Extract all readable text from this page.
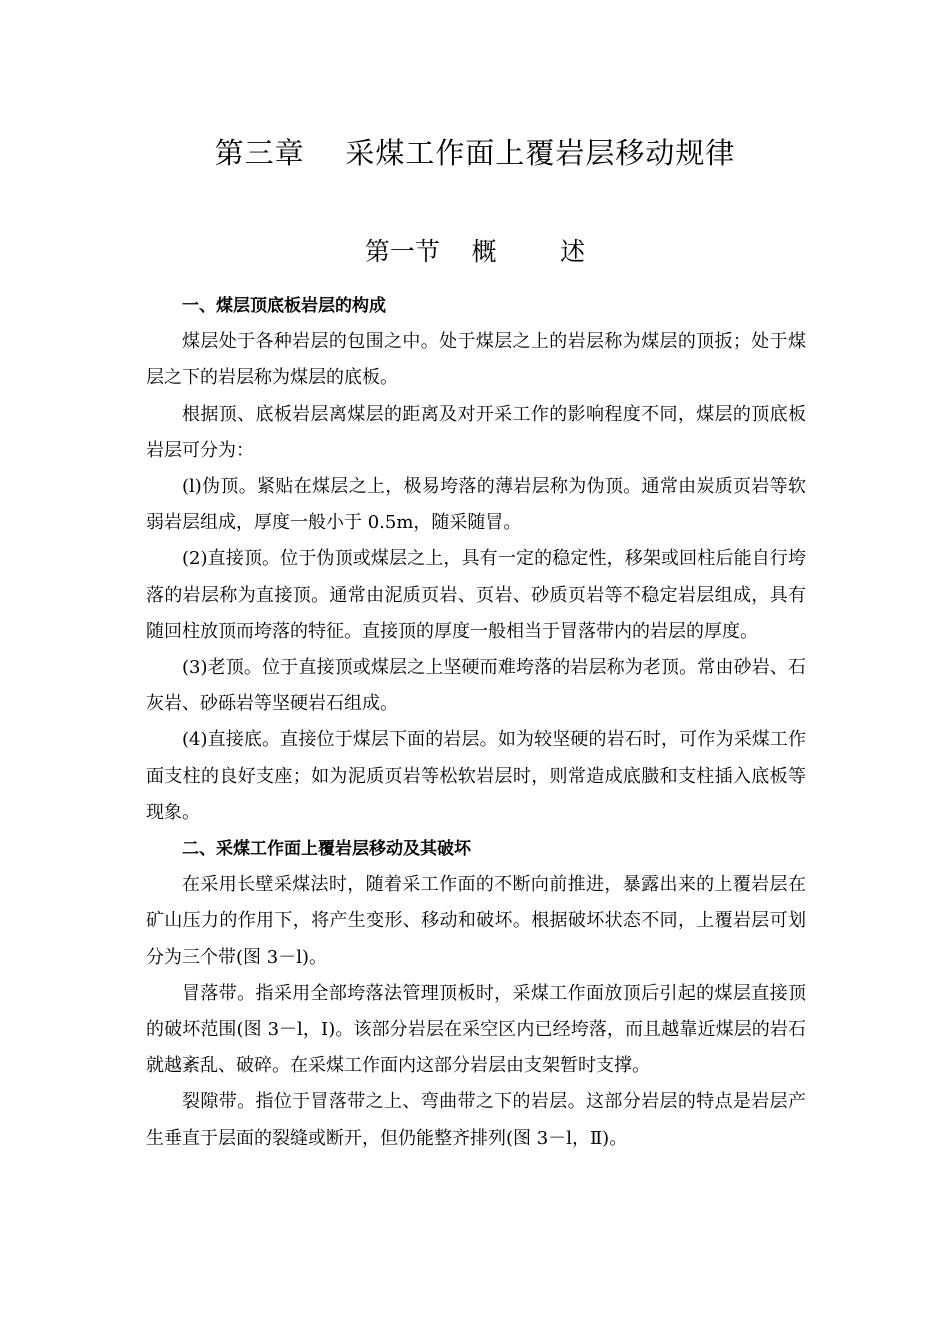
第三章    采煤工作面上覆岩层移动规律
第一节    概        述
一、煤层顶底板岩层的构成

煤层处于各种岩层的包围之中。处于煤层之上的岩层称为煤层的顶扳；处于煤层之下的岩层称为煤层的底板。

根据顶、底板岩层离煤层的距离及对开采工作的影响程度不同，煤层的顶底板岩层可分为：

(l)伪顶。紧贴在煤层之上，极易垮落的薄岩层称为伪顶。通常由炭质页岩等软弱岩层组成，厚度一般小于 0.5m，随采随冒。

(2)直接顶。位于伪顶或煤层之上，具有一定的稳定性，移架或回柱后能自行垮落的岩层称为直接顶。通常由泥质页岩、页岩、砂质页岩等不稳定岩层组成，具有随回柱放顶而垮落的特征。直接顶的厚度一般相当于冒落带内的岩层的厚度。

(3)老顶。位于直接顶或煤层之上坚硬而难垮落的岩层称为老顶。常由砂岩、石灰岩、砂砾岩等坚硬岩石组成。

(4)直接底。直接位于煤层下面的岩层。如为较坚硬的岩石时，可作为采煤工作面支柱的良好支座；如为泥质页岩等松软岩层时，则常造成底臌和支柱插入底板等现象。

二、采煤工作面上覆岩层移动及其破坏

在采用长壁采煤法时，随着采工作面的不断向前推进，暴露出来的上覆岩层在矿山压力的作用下，将产生变形、移动和破坏。根据破坏状态不同，上覆岩层可划分为三个带(图 3－l)。

冒落带。指采用全部垮落法管理顶板时，采煤工作面放顶后引起的煤层直接顶的破坏范围(图 3－l，Ⅰ)。该部分岩层在采空区内已经垮落，而且越靠近煤层的岩石就越紊乱、破碎。在采煤工作面内这部分岩层由支架暂时支撑。

裂隙带。指位于冒落带之上、弯曲带之下的岩层。这部分岩层的特点是岩层产生垂直于层面的裂缝或断开，但仍能整齐排列(图 3－l，Ⅱ)。
